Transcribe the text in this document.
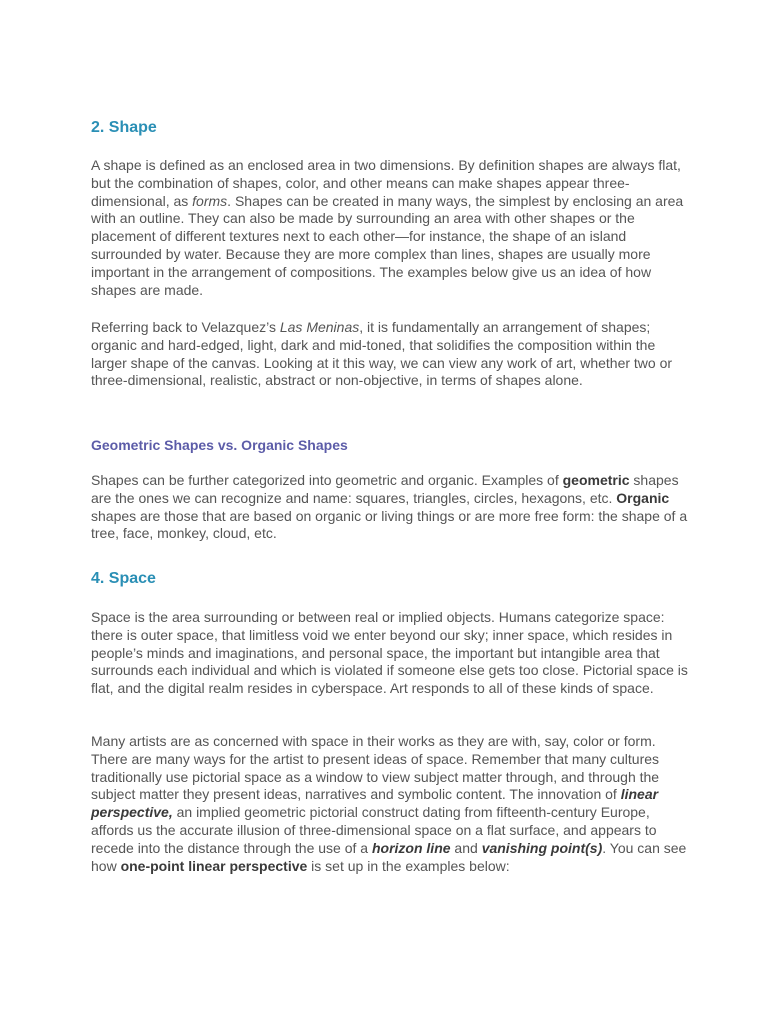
2. Shape

A shape is defined as an enclosed area in two dimensions. By definition shapes are always flat, but the combination of shapes, color, and other means can make shapes appear three-dimensional, as forms. Shapes can be created in many ways, the simplest by enclosing an area with an outline. They can also be made by surrounding an area with other shapes or the placement of different textures next to each other—for instance, the shape of an island surrounded by water. Because they are more complex than lines, shapes are usually more important in the arrangement of compositions. The examples below give us an idea of how shapes are made.

Referring back to Velazquez’s Las Meninas, it is fundamentally an arrangement of shapes; organic and hard-edged, light, dark and mid-toned, that solidifies the composition within the larger shape of the canvas. Looking at it this way, we can view any work of art, whether two or three-dimensional, realistic, abstract or non-objective, in terms of shapes alone.

Geometric Shapes vs. Organic Shapes

Shapes can be further categorized into geometric and organic. Examples of geometric shapes are the ones we can recognize and name: squares, triangles, circles, hexagons, etc. Organic shapes are those that are based on organic or living things or are more free form: the shape of a tree, face, monkey, cloud, etc.

4. Space

Space is the area surrounding or between real or implied objects. Humans categorize space: there is outer space, that limitless void we enter beyond our sky; inner space, which resides in people’s minds and imaginations, and personal space, the important but intangible area that surrounds each individual and which is violated if someone else gets too close. Pictorial space is flat, and the digital realm resides in cyberspace. Art responds to all of these kinds of space.

Many artists are as concerned with space in their works as they are with, say, color or form. There are many ways for the artist to present ideas of space. Remember that many cultures traditionally use pictorial space as a window to view subject matter through, and through the subject matter they present ideas, narratives and symbolic content. The innovation of linear perspective, an implied geometric pictorial construct dating from fifteenth-century Europe, affords us the accurate illusion of three-dimensional space on a flat surface, and appears to recede into the distance through the use of a horizon line and vanishing point(s). You can see how one-point linear perspective is set up in the examples below:
